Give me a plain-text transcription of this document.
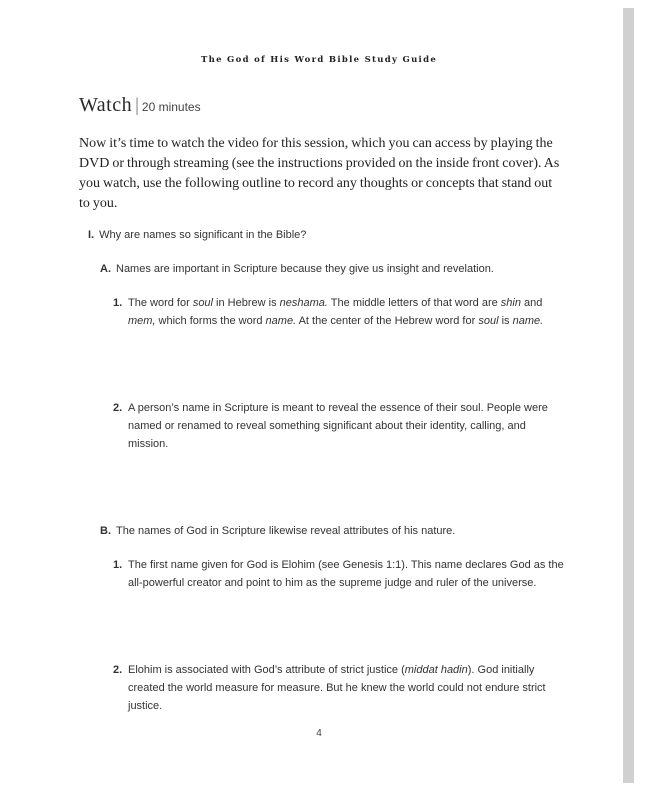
The God of His Word Bible Study Guide
Watch | 20 minutes
Now it’s time to watch the video for this session, which you can access by playing the DVD or through streaming (see the instructions provided on the inside front cover). As you watch, use the following outline to record any thoughts or concepts that stand out to you.
I. Why are names so significant in the Bible?
A. Names are important in Scripture because they give us insight and revelation.
1. The word for soul in Hebrew is neshama. The middle letters of that word are shin and mem, which forms the word name. At the center of the Hebrew word for soul is name.
2. A person’s name in Scripture is meant to reveal the essence of their soul. People were named or renamed to reveal something significant about their identity, calling, and mission.
B. The names of God in Scripture likewise reveal attributes of his nature.
1. The first name given for God is Elohim (see Genesis 1:1). This name declares God as the all-powerful creator and point to him as the supreme judge and ruler of the universe.
2. Elohim is associated with God’s attribute of strict justice (middat hadin). God initially created the world measure for measure. But he knew the world could not endure strict justice.
4
